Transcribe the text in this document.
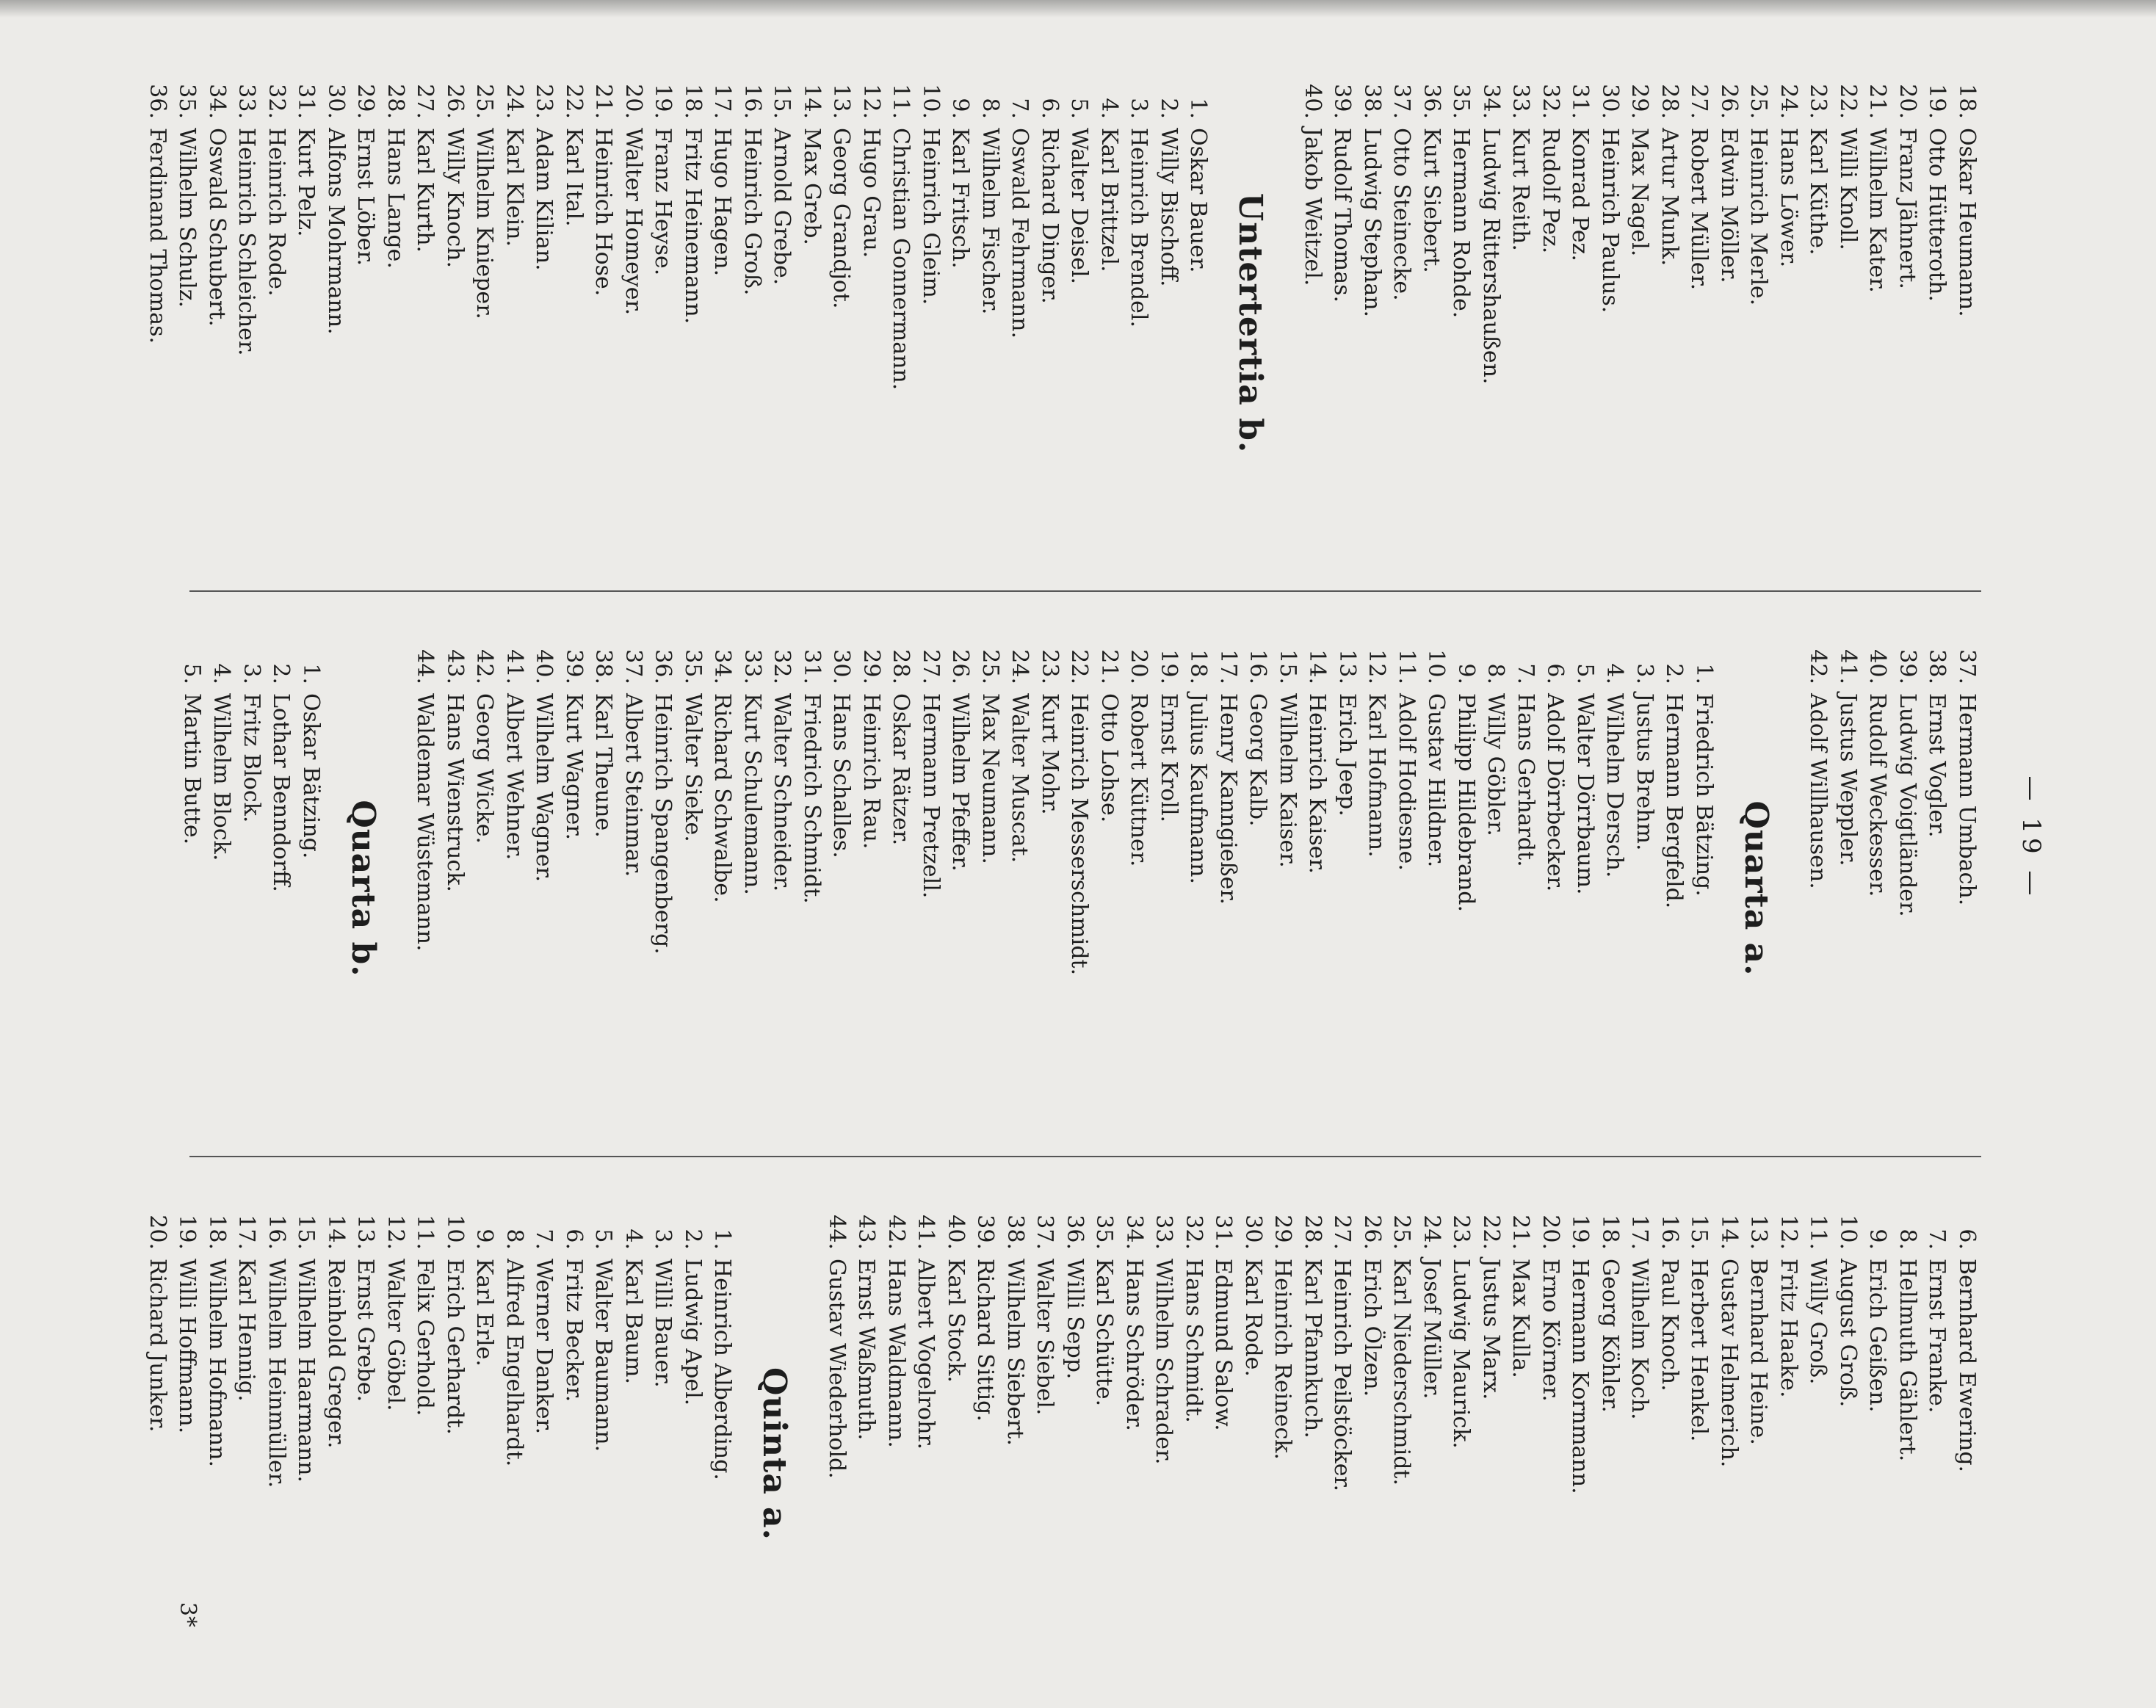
— 19 —
18.
Oskar Heumann.
19.
Otto Hütteroth.
20.
Franz Jähnert.
21.
Wilhelm Kater.
22.
Willi Knoll.
23.
Karl Küthe.
24.
Hans Löwer.
25.
Heinrich Merle.
26.
Edwin Möller.
27.
Robert Müller.
28.
Artur Munk.
29.
Max Nagel.
30.
Heinrich Paulus.
31.
Konrad Pez.
32.
Rudolf Pez.
33.
Kurt Reith.
34.
Ludwig Rittershaußen.
35.
Hermann Rohde.
36.
Kurt Siebert.
37.
Otto Steinecke.
38.
Ludwig Stephan.
39.
Rudolf Thomas.
40.
Jakob Weitzel.
Untertertia b.
1.
Oskar Bauer.
2.
Willy Bischoff.
3.
Heinrich Brendel.
4.
Karl Brittzel.
5.
Walter Deisel.
6.
Richard Dinger.
7.
Oswald Fehrmann.
8.
Wilhelm Fischer.
9.
Karl Fritsch.
10.
Heinrich Gleim.
11.
Christian Gonnermann.
12.
Hugo Grau.
13.
Georg Grandjot.
14.
Max Greb.
15.
Arnold Grebe.
16.
Heinrich Groß.
17.
Hugo Hagen.
18.
Fritz Heinemann.
19.
Franz Heyse.
20.
Walter Homeyer.
21.
Heinrich Hose.
22.
Karl Ital.
23.
Adam Kilian.
24.
Karl Klein.
25.
Wilhelm Knieper.
26.
Willy Knoch.
27.
Karl Kurth.
28.
Hans Lange.
29.
Ernst Löber.
30.
Alfons Mohrmann.
31.
Kurt Pelz.
32.
Heinrich Rode.
33.
Heinrich Schleicher.
34.
Oswald Schubert.
35.
Wilhelm Schulz.
36.
Ferdinand Thomas.
37.
Hermann Umbach.
38.
Ernst Vogler.
39.
Ludwig Voigtländer.
40.
Rudolf Weckesser.
41.
Justus Weppler.
42.
Adolf Willhausen.
Quarta a.
1.
Friedrich Bätzing.
2.
Hermann Bergfeld.
3.
Justus Brehm.
4.
Wilhelm Dersch.
5.
Walter Dörrbaum.
6.
Adolf Dörrbecker.
7.
Hans Gerhardt.
8.
Willy Göbler.
9.
Philipp Hildebrand.
10.
Gustav Hildner.
11.
Adolf Hodiesne.
12.
Karl Hofmann.
13.
Erich Jeep.
14.
Heinrich Kaiser.
15.
Wilhelm Kaiser.
16.
Georg Kalb.
17.
Henry Kanngießer.
18.
Julius Kaufmann.
19.
Ernst Kroll.
20.
Robert Küttner.
21.
Otto Lohse.
22.
Heinrich Messerschmidt.
23.
Kurt Mohr.
24.
Walter Muscat.
25.
Max Neumann.
26.
Wilhelm Pfeffer.
27.
Hermann Pretzell.
28.
Oskar Rätzer.
29.
Heinrich Rau.
30.
Hans Schalles.
31.
Friedrich Schmidt.
32.
Walter Schneider.
33.
Kurt Schulemann.
34.
Richard Schwalbe.
35.
Walter Sieke.
36.
Heinrich Spangenberg.
37.
Albert Steinmar.
38.
Karl Theune.
39.
Kurt Wagner.
40.
Wilhelm Wagner.
41.
Albert Wehner.
42.
Georg Wicke.
43.
Hans Wienstruck.
44.
Waldemar Wüstemann.
Quarta b.
1.
Oskar Bätzing.
2.
Lothar Benndorff.
3.
Fritz Block.
4.
Wilhelm Block.
5.
Martin Butte.
6.
Bernhard Ewering.
7.
Ernst Franke.
8.
Hellmuth Gählert.
9.
Erich Geißen.
10.
August Groß.
11.
Willy Groß.
12.
Fritz Haake.
13.
Bernhard Heine.
14.
Gustav Helmerich.
15.
Herbert Henkel.
16.
Paul Knoch.
17.
Wilhelm Koch.
18.
Georg Köhler.
19.
Hermann Kornmann.
20.
Erno Körner.
21.
Max Kulla.
22.
Justus Marx.
23.
Ludwig Maurick.
24.
Josef Müller.
25.
Karl Niederschmidt.
26.
Erich Ölzen.
27.
Heinrich Peilstöcker.
28.
Karl Pfannkuch.
29.
Heinrich Reineck.
30.
Karl Rode.
31.
Edmund Salow.
32.
Hans Schmidt.
33.
Wilhelm Schrader.
34.
Hans Schröder.
35.
Karl Schütte.
36.
Willi Sepp.
37.
Walter Siebel.
38.
Wilhelm Siebert.
39.
Richard Sittig.
40.
Karl Stock.
41.
Albert Vogelrohr.
42.
Hans Waldmann.
43.
Ernst Waßmuth.
44.
Gustav Wiederhold.
Quinta a.
1.
Heinrich Alberding.
2.
Ludwig Apel.
3.
Willi Bauer.
4.
Karl Baum.
5.
Walter Baumann.
6.
Fritz Becker.
7.
Werner Danker.
8.
Alfred Engelhardt.
9.
Karl Erle.
10.
Erich Gerhardt.
11.
Felix Gerhold.
12.
Walter Göbel.
13.
Ernst Grebe.
14.
Reinhold Greger.
15.
Wilhelm Haarmann.
16.
Wilhelm Heinmüller.
17.
Karl Hennig.
18.
Wilhelm Hofmann.
19.
Willi Hoffmann.
20.
Richard Junker.
3*
